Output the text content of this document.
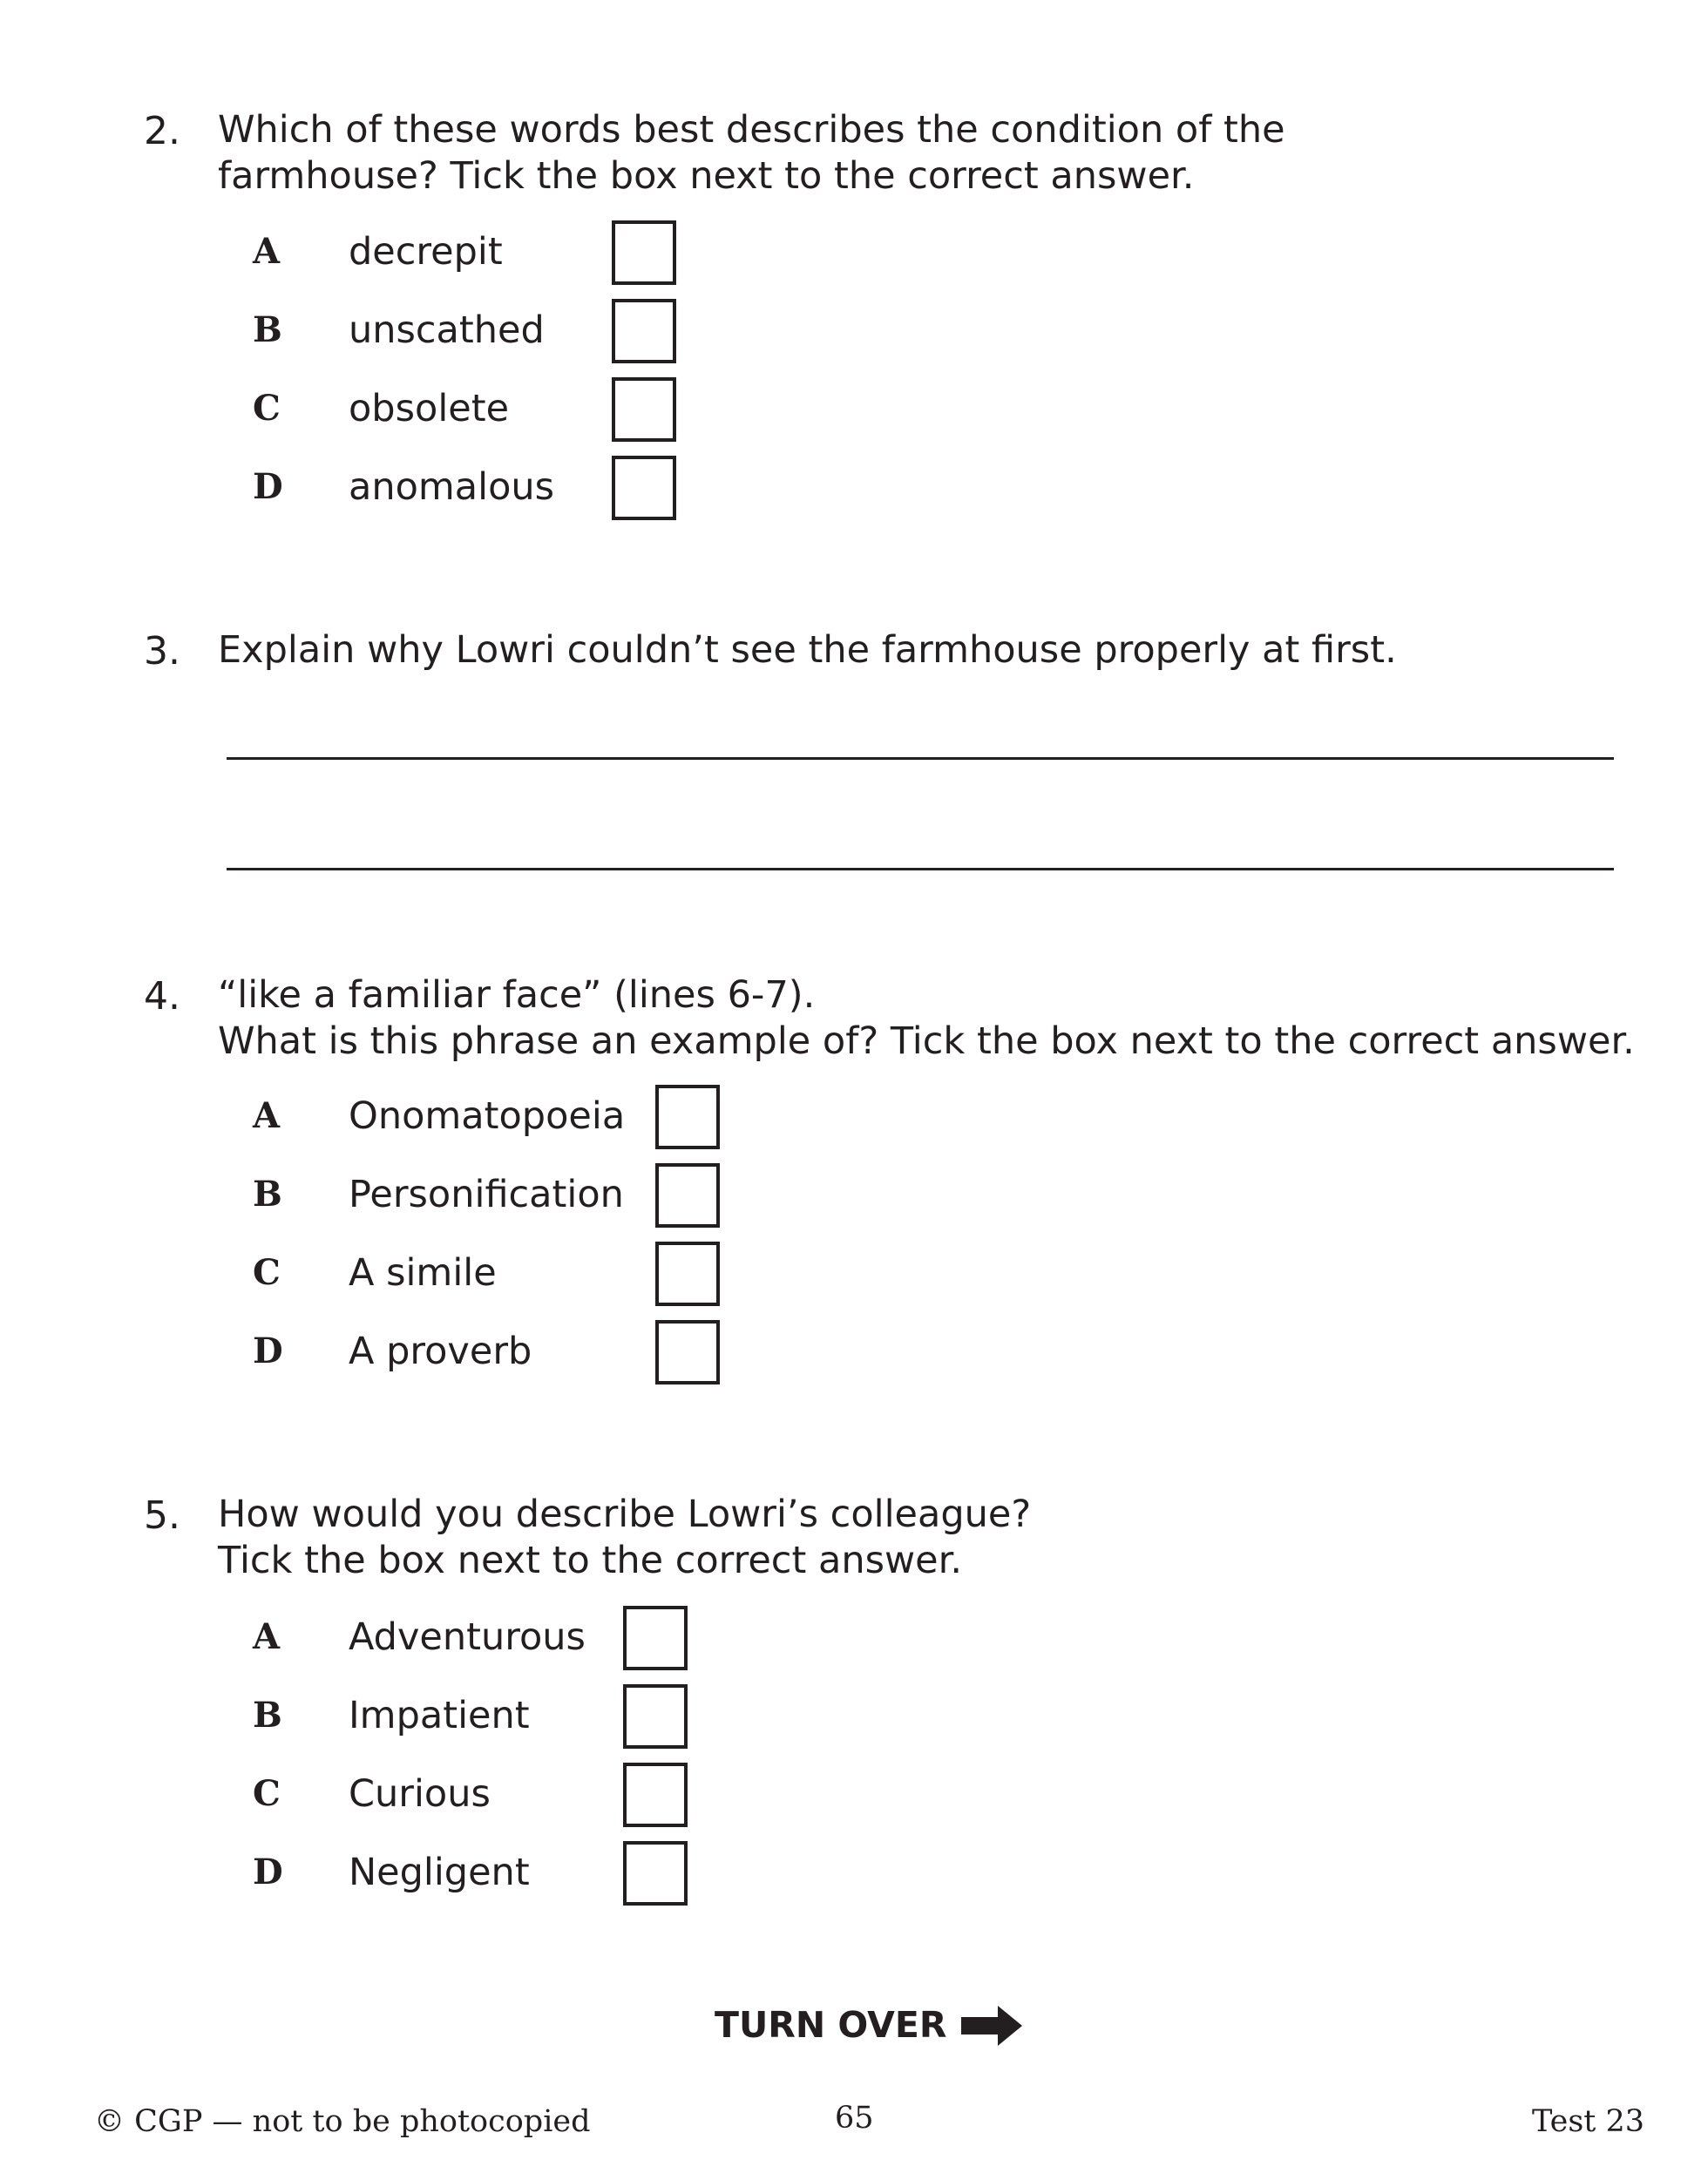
2. Which of these words best describes the condition of the
farmhouse? Tick the box next to the correct answer.
A decrepit
B unscathed
C obsolete
D anomalous
3. Explain why Lowri couldn’t see the farmhouse properly at first.
4. “like a familiar face” (lines 6-7).
What is this phrase an example of? Tick the box next to the correct answer.
A Onomatopoeia
B Personification
C A simile
D A proverb
5. How would you describe Lowri’s colleague?
Tick the box next to the correct answer.
A Adventurous
B Impatient
C Curious
D Negligent
TURN OVER
© CGP — not to be photocopied	65	Test 23
